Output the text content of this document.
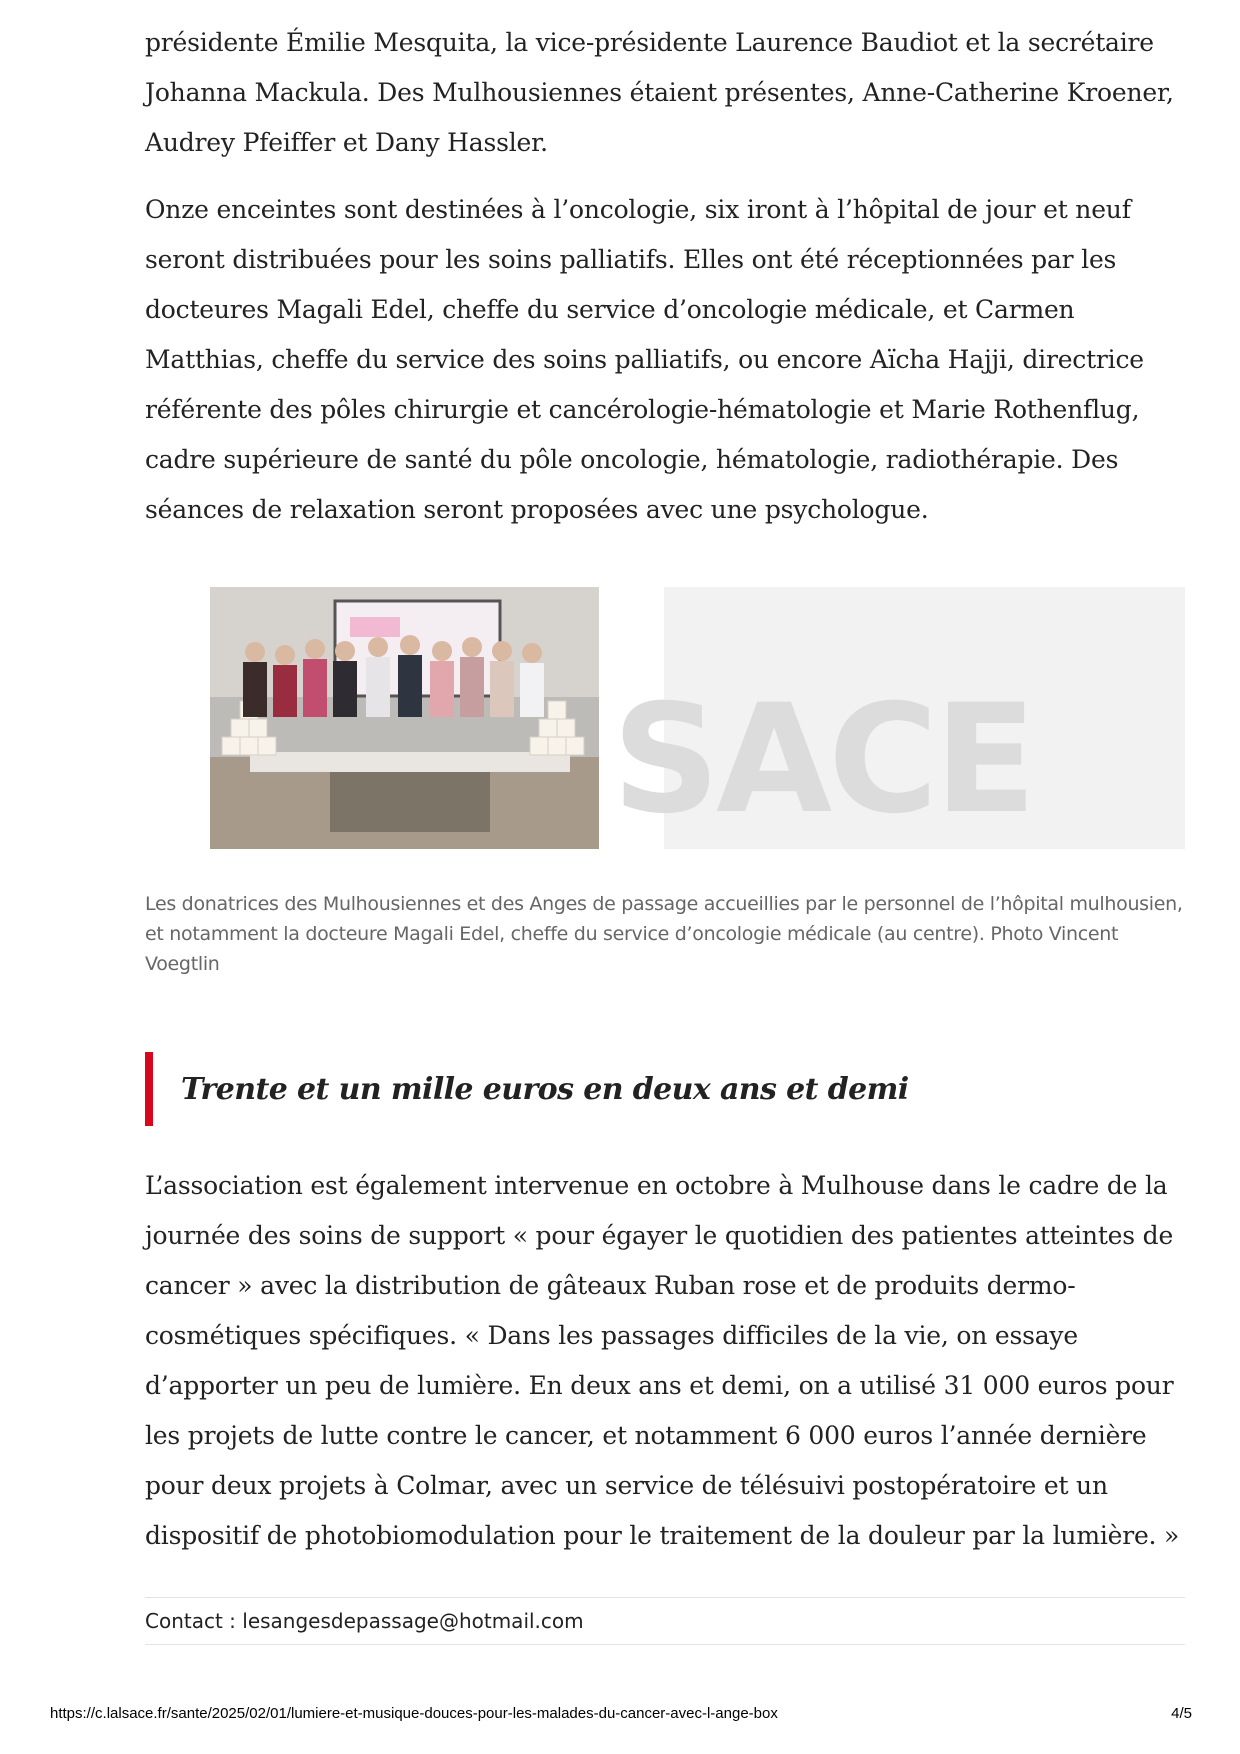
présidente Émilie Mesquita, la vice-présidente Laurence Baudiot et la secrétaire Johanna Mackula. Des Mulhousiennes étaient présentes, Anne-Catherine Kroener, Audrey Pfeiffer et Dany Hassler.

Onze enceintes sont destinées à l’oncologie, six iront à l’hôpital de jour et neuf seront distribuées pour les soins palliatifs. Elles ont été réceptionnées par les docteures Magali Edel, cheffe du service d’oncologie médicale, et Carmen Matthias, cheffe du service des soins palliatifs, ou encore Aïcha Hajji, directrice référente des pôles chirurgie et cancérologie-hématologie et Marie Rothenflug, cadre supérieure de santé du pôle oncologie, hématologie, radiothérapie. Des séances de relaxation seront proposées avec une psychologue.

SACE
Les donatrices des Mulhousiennes et des Anges de passage accueillies par le personnel de l’hôpital mulhousien, et notamment la docteure Magali Edel, cheffe du service d’oncologie médicale (au centre). Photo Vincent Voegtlin
Trente et un mille euros en deux ans et demi

L’association est également intervenue en octobre à Mulhouse dans le cadre de la journée des soins de support « pour égayer le quotidien des patientes atteintes de cancer » avec la distribution de gâteaux Ruban rose et de produits dermo-cosmétiques spécifiques. « Dans les passages difficiles de la vie, on essaye d’apporter un peu de lumière. En deux ans et demi, on a utilisé 31 000 euros pour les projets de lutte contre le cancer, et notamment 6 000 euros l’année dernière pour deux projets à Colmar, avec un service de télésuivi postopératoire et un dispositif de photobiomodulation pour le traitement de la douleur par la lumière. »

Contact : lesangesdepassage@hotmail.com
https://c.lalsace.fr/sante/2025/02/01/lumiere-et-musique-douces-pour-les-malades-du-cancer-avec-l-ange-box	4/5
